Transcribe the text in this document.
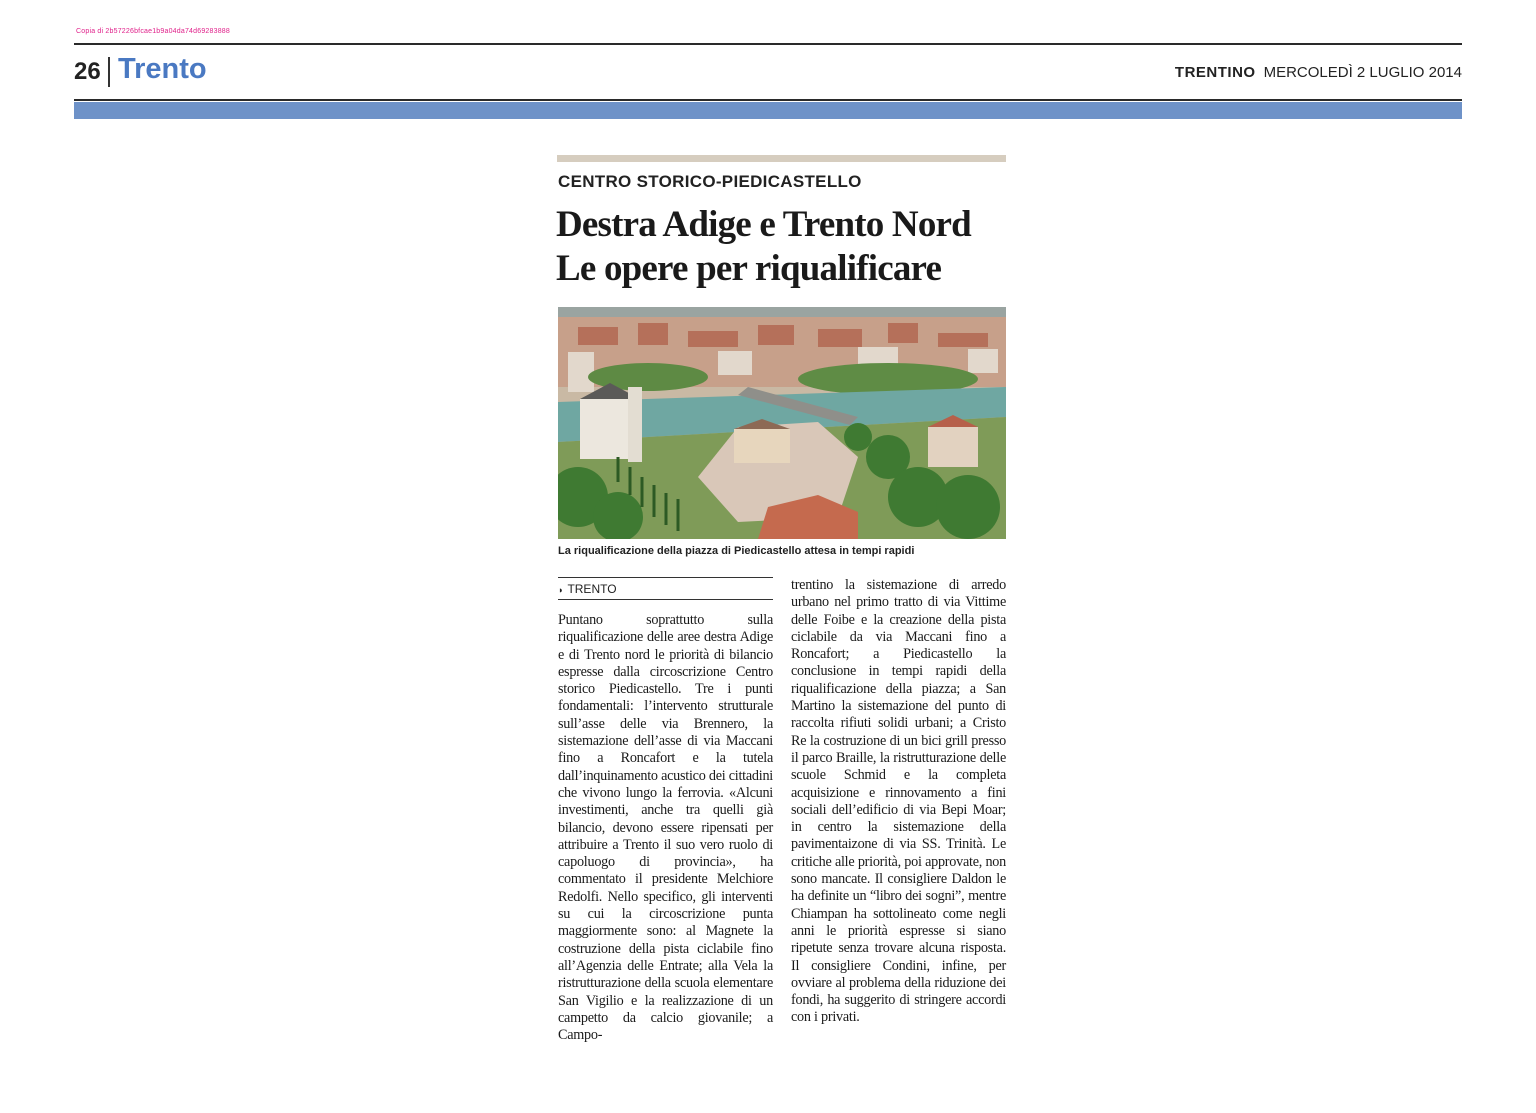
Copia di 2b57226bfcae1b9a04da74d69283888
26 Trento	TRENTINO MERCOLEDÌ 2 LUGLIO 2014
CENTRO STORICO-PIEDICASTELLO
Destra Adige e Trento Nord
Le opere per riqualificare
La riqualificazione della piazza di Piedicastello attesa in tempi rapidi
◗ TRENTO
Puntano soprattutto sulla riqualificazione delle aree destra Adige e di Trento nord le priorità di bilancio espresse dalla circoscrizione Centro storico Piedicastello. Tre i punti fondamentali: l’intervento strutturale sull’asse delle via Brennero, la sistemazione dell’asse di via Maccani fino a Roncafort e la tutela dall’inquinamento acustico dei cittadini che vivono lungo la ferrovia. «Alcuni investimenti, anche tra quelli già bilancio, devono essere ripensati per attribuire a Trento il suo vero ruolo di capoluogo di provincia», ha commentato il presidente Melchiore Redolfi. Nello specifico, gli interventi su cui la circoscrizione punta maggiormente sono: al Magnete la costruzione della pista ciclabile fino all’Agenzia delle Entrate; alla Vela la ristrutturazione della scuola elementare San Vigilio e la realizzazione di un campetto da calcio giovanile; a Campo-
trentino la sistemazione di arredo urbano nel primo tratto di via Vittime delle Foibe e la creazione della pista ciclabile da via Maccani fino a Roncafort; a Piedicastello la conclusione in tempi rapidi della riqualificazione della piazza; a San Martino la sistemazione del punto di raccolta rifiuti solidi urbani; a Cristo Re la costruzione di un bici grill presso il parco Braille, la ristrutturazione delle scuole Schmid e la completa acquisizione e rinnovamento a fini sociali dell’edificio di via Bepi Moar; in centro la sistemazione della pavimentaizone di via SS. Trinità. Le critiche alle priorità, poi approvate, non sono mancate. Il consigliere Daldon le ha definite un “libro dei sogni”, mentre Chiampan ha sottolineato come negli anni le priorità espresse si siano ripetute senza trovare alcuna risposta. Il consigliere Condini, infine, per ovviare al problema della riduzione dei fondi, ha suggerito di stringere accordi con i privati.
